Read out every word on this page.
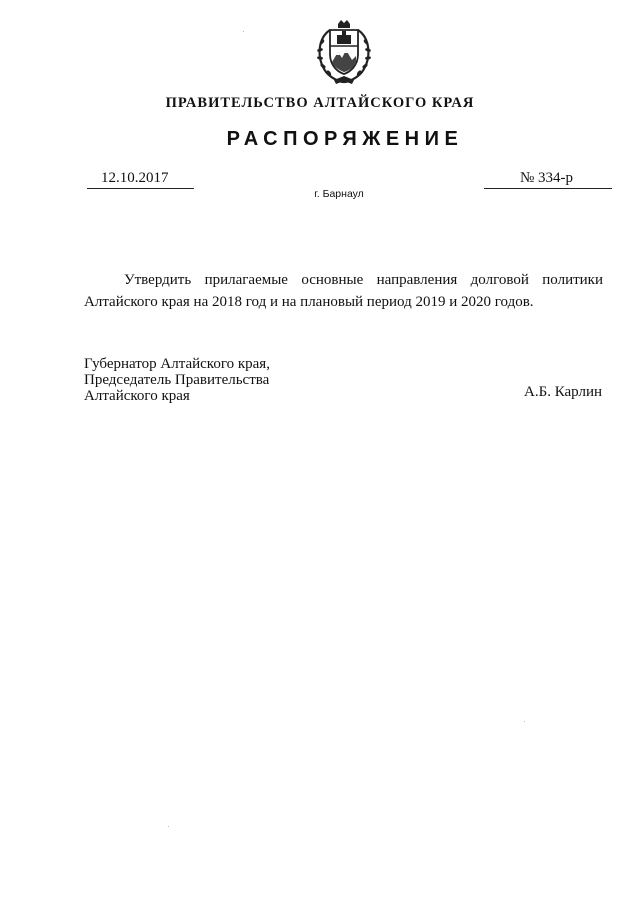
ПРАВИТЕЛЬСТВО АЛТАЙСКОГО КРАЯ
РАСПОРЯЖЕНИЕ
12.10.2017	№ 334-р
г. Барнаул
Утвердить прилагаемые основные направления долговой политики
Алтайского края на 2018 год и на плановый период 2019 и 2020 годов.
Губернатор Алтайского края,
Председатель Правительства
Алтайского края	А.Б. Карлин
